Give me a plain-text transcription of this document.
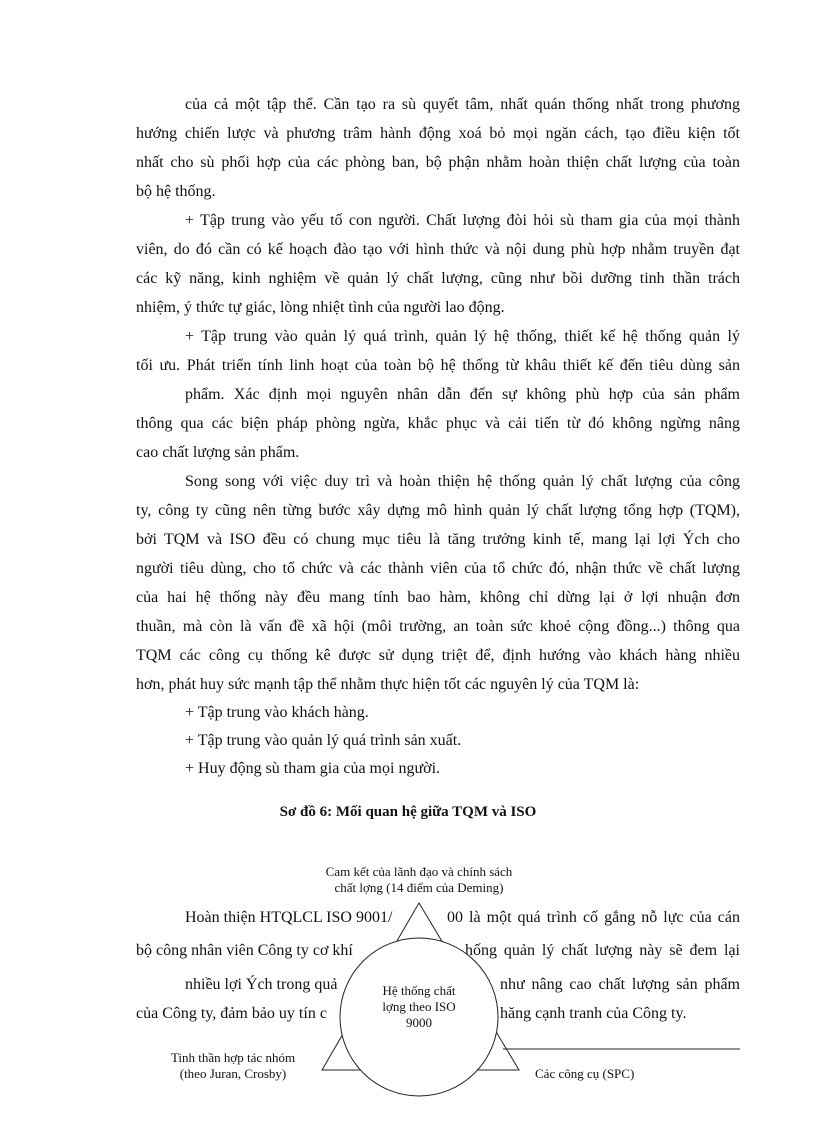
của cả một tập thể. Cần tạo ra sù quyết tâm, nhất quán thống nhất trong phương
hướng chiến lược và phương trâm hành động xoá bỏ mọi ngăn cách, tạo điều kiện tốt
nhất cho sù phối hợp của các phòng ban, bộ phận nhằm hoàn thiện chất lượng của toàn
bộ hệ thống.
+ Tập trung vào yếu tố con người. Chất lượng đòi hỏi sù tham gia của mọi thành
viên, do đó cần có kế hoạch đào tạo với hình thức và nội dung phù hợp nhằm truyền đạt
các kỹ năng, kinh nghiệm về quản lý chất lượng, cũng như bồi dưỡng tinh thần trách
nhiệm, ý thức tự giác, lòng nhiệt tình của người lao động.
+ Tập trung vào quản lý quá trình, quản lý hệ thống, thiết kế hệ thống quản lý
tối ưu. Phát triển tính linh hoạt của toàn bộ hệ thống từ khâu thiết kế đến tiêu dùng sản
phẩm. Xác định mọi nguyên nhân dẫn đến sự không phù hợp của sản phẩm
thông qua các biện pháp phòng ngừa, khắc phục và cải tiến từ đó không ngừng nâng
cao chất lượng sản phẩm.
Song song với việc duy trì và hoàn thiện hệ thống quản lý chất lượng của công
ty, công ty cũng nên từng bước xây dựng mô hình quản lý chất lượng tổng hợp (TQM),
bởi TQM và ISO đều có chung mục tiêu là tăng trưởng kinh tế, mang lại lợi Ých cho
người tiêu dùng, cho tổ chức và các thành viên của tổ chức đó, nhận thức về chất lượng
của hai hệ thống này đều mang tính bao hàm, không chỉ dừng lại ở lợi nhuận đơn
thuần, mà còn là vấn đề xã hội (môi trường, an toàn sức khoẻ cộng đồng...) thông qua
TQM các công cụ thống kê được sử dụng triệt để, định hướng vào khách hàng nhiều
hơn, phát huy sức mạnh tập thể nhằm thực hiện tốt các nguyên lý của TQM là:
+ Tập trung vào khách hàng.
+ Tập trung vào quản lý quá trình sản xuất.
+ Huy động sù tham gia của mọi người.
Sơ đồ 6: Mối quan hệ giữa TQM và ISO
Hoàn thiện HTQLCL ISO 9001/	00 là một quá trình cố gắng nỗ lực của cán
bộ công nhân viên Công ty cơ khí	hống quản lý chất lượng này sẽ đem lại
nhiều lợi Ých trong quả	như nâng cao chất lượng sản phẩm
của Công ty, đảm bảo uy tín c	hăng cạnh tranh của Công ty.
Cam kết của lãnh đạo và chính sách
chất lợng (14 điểm của Deming)
Hệ thống chất
lợng theo ISO
9000
Tinh thần hợp tác nhóm
(theo Juran, Crosby)	Các công cụ (SPC)
